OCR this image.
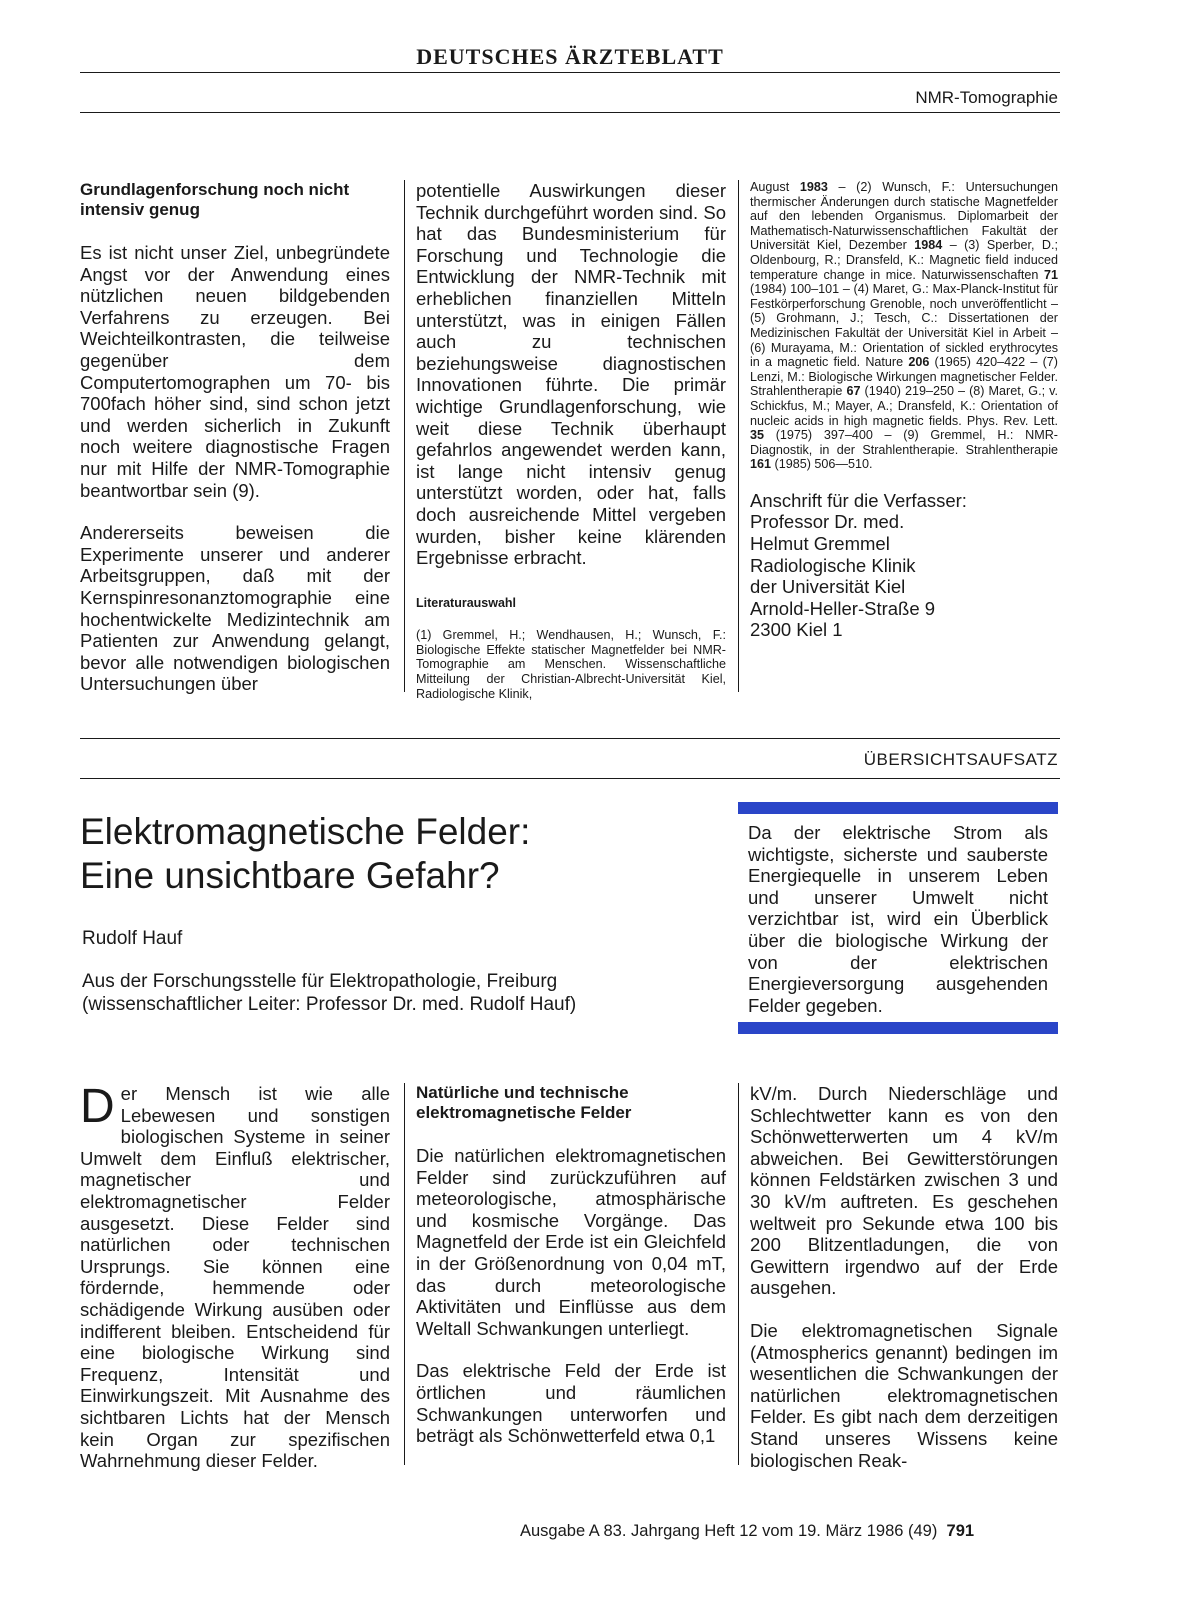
DEUTSCHES ÄRZTEBLATT
NMR-Tomographie
Grundlagenforschung noch nicht intensiv genug

Es ist nicht unser Ziel, unbegründete Angst vor der Anwendung eines nützlichen neuen bildgebenden Verfahrens zu erzeugen. Bei Weichteilkontrasten, die teilweise gegenüber dem Computertomographen um 70- bis 700fach höher sind, sind schon jetzt und werden sicherlich in Zukunft noch weitere diagnostische Fragen nur mit Hilfe der NMR-Tomographie beantwortbar sein (9).

Andererseits beweisen die Experimente unserer und anderer Arbeitsgruppen, daß mit der Kernspinresonanztomographie eine hochentwickelte Medizintechnik am Patienten zur Anwendung gelangt, bevor alle notwendigen biologischen Untersuchungen über

potentielle Auswirkungen dieser Technik durchgeführt worden sind. So hat das Bundesministerium für Forschung und Technologie die Entwicklung der NMR-Technik mit erheblichen finanziellen Mitteln unterstützt, was in einigen Fällen auch zu technischen beziehungsweise diagnostischen Innovationen führte. Die primär wichtige Grundlagenforschung, wie weit diese Technik überhaupt gefahrlos angewendet werden kann, ist lange nicht intensiv genug unterstützt worden, oder hat, falls doch ausreichende Mittel vergeben wurden, bisher keine klärenden Ergebnisse erbracht.

Literaturauswahl
(1) Gremmel, H.; Wendhausen, H.; Wunsch, F.: Biologische Effekte statischer Magnetfelder bei NMR-Tomographie am Menschen. Wissenschaftliche Mitteilung der Christian-Albrecht-Universität Kiel, Radiologische Klinik,
August 1983 – (2) Wunsch, F.: Untersuchungen thermischer Änderungen durch statische Magnetfelder auf den lebenden Organismus. Diplomarbeit der Mathematisch-Naturwissenschaftlichen Fakultät der Universität Kiel, Dezember 1984 – (3) Sperber, D.; Oldenbourg, R.; Dransfeld, K.: Magnetic field induced temperature change in mice. Naturwissenschaften 71 (1984) 100–101 – (4) Maret, G.: Max-Planck-Institut für Festkörperforschung Grenoble, noch unveröffentlicht – (5) Grohmann, J.; Tesch, C.: Dissertationen der Medizinischen Fakultät der Universität Kiel in Arbeit – (6) Murayama, M.: Orientation of sickled erythrocytes in a magnetic field. Nature 206 (1965) 420–422 – (7) Lenzi, M.: Biologische Wirkungen magnetischer Felder. Strahlentherapie 67 (1940) 219–250 – (8) Maret, G.; v. Schickfus, M.; Mayer, A.; Dransfeld, K.: Orientation of nucleic acids in high magnetic fields. Phys. Rev. Lett. 35 (1975) 397–400 – (9) Gremmel, H.: NMR-Diagnostik, in der Strahlentherapie. Strahlentherapie 161 (1985) 506—510.
Anschrift für die Verfasser:
Professor Dr. med.
Helmut Gremmel
Radiologische Klinik
der Universität Kiel
Arnold-Heller-Straße 9
2300 Kiel 1
ÜBERSICHTSAUFSATZ
Elektromagnetische Felder:
Eine unsichtbare Gefahr?
Rudolf Hauf
Aus der Forschungsstelle für Elektropathologie, Freiburg
(wissenschaftlicher Leiter: Professor Dr. med. Rudolf Hauf)
Da der elektrische Strom als wichtigste, sicherste und sauberste Energiequelle in unserem Leben und unserer Umwelt nicht verzichtbar ist, wird ein Überblick über die biologische Wirkung der von der elektrischen Energieversorgung ausgehenden Felder gegeben.

Der Mensch ist wie alle Lebewesen und sonstigen biologischen Systeme in seiner Umwelt dem Einfluß elektrischer, magnetischer und elektromagnetischer Felder ausgesetzt. Diese Felder sind natürlichen oder technischen Ursprungs. Sie können eine fördernde, hemmende oder schädigende Wirkung ausüben oder indifferent bleiben. Entscheidend für eine biologische Wirkung sind Frequenz, Intensität und Einwirkungszeit. Mit Ausnahme des sichtbaren Lichts hat der Mensch kein Organ zur spezifischen Wahrnehmung dieser Felder.

Natürliche und technische elektromagnetische Felder

Die natürlichen elektromagnetischen Felder sind zurückzuführen auf meteorologische, atmosphärische und kosmische Vorgänge. Das Magnetfeld der Erde ist ein Gleichfeld in der Größenordnung von 0,04 mT, das durch meteorologische Aktivitäten und Einflüsse aus dem Weltall Schwankungen unterliegt.

Das elektrische Feld der Erde ist örtlichen und räumlichen Schwankungen unterworfen und beträgt als Schönwetterfeld etwa 0,1

kV/m. Durch Niederschläge und Schlechtwetter kann es von den Schönwetterwerten um 4 kV/m abweichen. Bei Gewitterstörungen können Feldstärken zwischen 3 und 30 kV/m auftreten. Es geschehen weltweit pro Sekunde etwa 100 bis 200 Blitzentladungen, die von Gewittern irgendwo auf der Erde ausgehen.

Die elektromagnetischen Signale (Atmospherics genannt) bedingen im wesentlichen die Schwankungen der natürlichen elektromagnetischen Felder. Es gibt nach dem derzeitigen Stand unseres Wissens keine biologischen Reak-

Ausgabe A 83. Jahrgang Heft 12 vom 19. März 1986 (49) 791
